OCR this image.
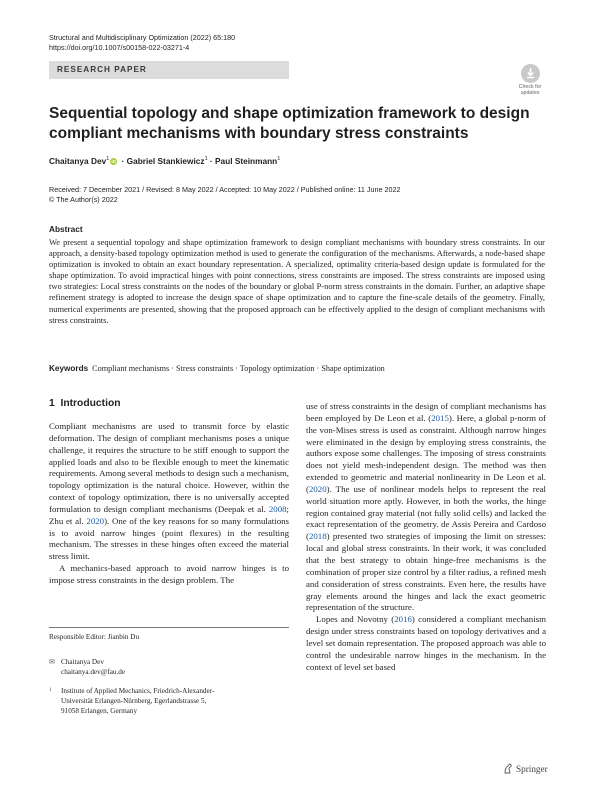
Structural and Multidisciplinary Optimization (2022) 65:180
https://doi.org/10.1007/s00158-022-03271-4
RESEARCH PAPER
Check for
updates
Sequential topology and shape optimization framework to design compliant mechanisms with boundary stress constraints
Chaitanya Dev$^1$ iD · Gabriel Stankiewicz$^1$ · Paul Steinmann$^1$
Received: 7 December 2021 / Revised: 8 May 2022 / Accepted: 10 May 2022 / Published online: 11 June 2022
© The Author(s) 2022
Abstract
We present a sequential topology and shape optimization framework to design compliant mechanisms with boundary stress constraints. In our approach, a density-based topology optimization method is used to generate the configuration of the mechanisms. Afterwards, a node-based shape optimization is invoked to obtain an exact boundary representation. A specialized, optimality criteria-based design update is formulated for the shape optimization. To avoid impractical hinges with point connections, stress constraints are imposed. The stress constraints are imposed using two strategies: Local stress constraints on the nodes of the boundary or global P-norm stress constraints in the domain. Further, an adaptive shape refinement strategy is adopted to increase the design space of shape optimization and to capture the fine-scale details of the geometry. Finally, numerical experiments are presented, showing that the proposed approach can be effectively applied to the design of compliant mechanisms with stress constraints.
Keywords Compliant mechanisms · Stress constraints · Topology optimization · Shape optimization
1 Introduction

Compliant mechanisms are used to transmit force by elastic deformation. The design of compliant mechanisms poses a unique challenge, it requires the structure to be stiff enough to support the applied loads and also to be flexible enough to meet the kinematic requirements. Among several methods to design such a mechanism, topology optimization is the natural choice. However, within the context of topology optimization, there is no universally accepted formulation to design compliant mechanisms (Deepak et al. 2008; Zhu et al. 2020). One of the key reasons for so many formulations is to avoid narrow hinges (point flexures) in the resulting mechanism. The stresses in these hinges often exceed the material stress limit.

A mechanics-based approach to avoid narrow hinges is to impose stress constraints in the design problem. The

use of stress constraints in the design of compliant mechanisms has been employed by De Leon et al. (2015). Here, a global p-norm of the von-Mises stress is used as constraint. Although narrow hinges were eliminated in the design by employing stress constraints, the authors expose some challenges. The imposing of stress constraints does not yield mesh-independent design. The method was then extended to geometric and material nonlinearity in De Leon et al. (2020). The use of nonlinear models helps to represent the real world situation more aptly. However, in both the works, the hinge region contained gray material (not fully solid cells) and lacked the exact representation of the geometry. de Assis Pereira and Cardoso (2018) presented two strategies of imposing the limit on stresses: local and global stress constraints. In their work, it was concluded that the best strategy to obtain hinge-free mechanisms is the combination of proper size control by a filter radius, a refined mesh and consideration of stress constraints. Even here, the results have gray elements around the hinges and lack the exact geometric representation of the structure.

Lopes and Novotny (2016) considered a compliant mechanism design under stress constraints based on topology derivatives and a level set domain representation. The proposed approach was able to control the undesirable narrow hinges in the mechanism. In the context of level set based

Responsible Editor: Jianbin Du
✉ Chaitanya Dev
chaitanya.dev@fau.de
1 Institute of Applied Mechanics, Friedrich-Alexander-
Universität Erlangen-Nürnberg, Egerlandstrasse 5,
91058 Erlangen, Germany
Springer
